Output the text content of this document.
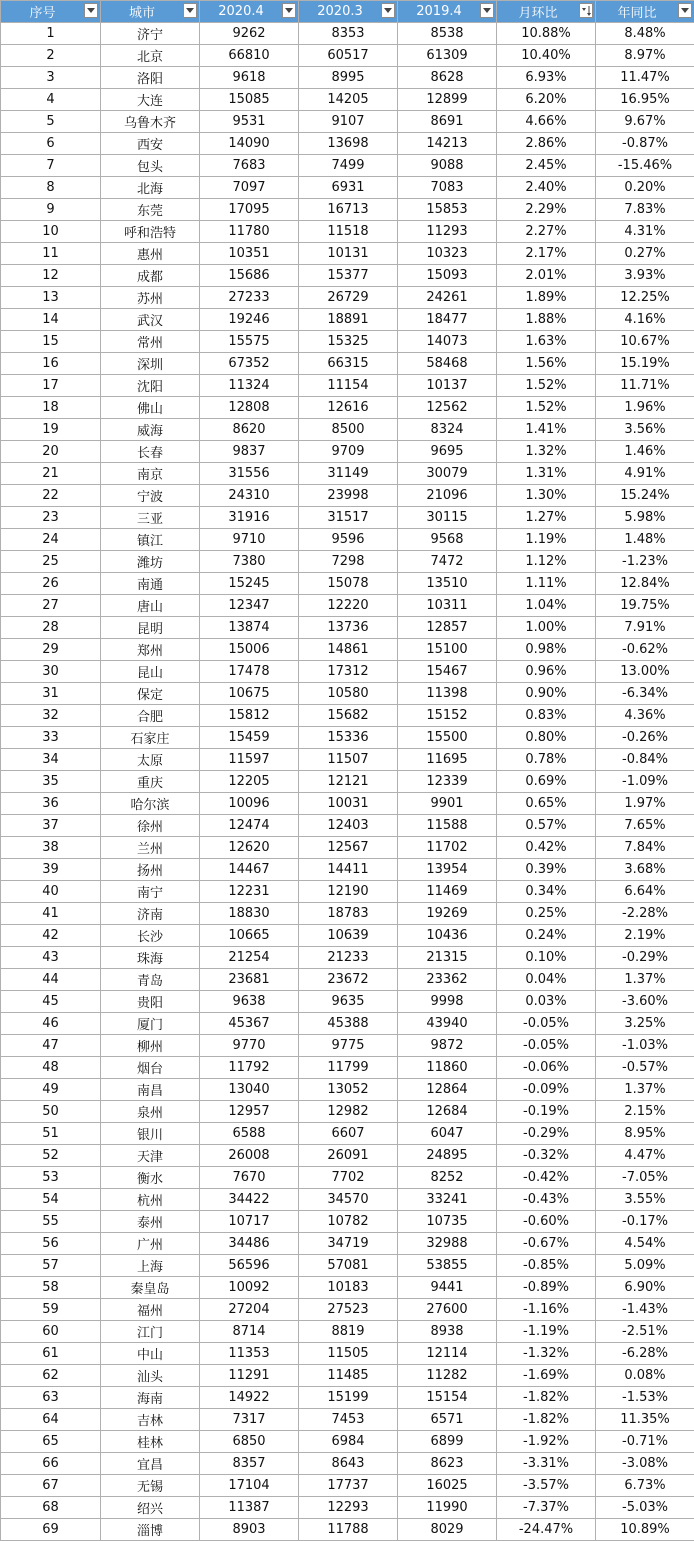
序号	城市	2020.4	2020.3	2019.4	月环比	年同比

1	济宁	9262	8353	8538	10.88%	8.48%
2	北京	66810	60517	61309	10.40%	8.97%
3	洛阳	9618	8995	8628	6.93%	11.47%
4	大连	15085	14205	12899	6.20%	16.95%
5	乌鲁木齐	9531	9107	8691	4.66%	9.67%
6	西安	14090	13698	14213	2.86%	-0.87%
7	包头	7683	7499	9088	2.45%	-15.46%
8	北海	7097	6931	7083	2.40%	0.20%
9	东莞	17095	16713	15853	2.29%	7.83%
10	呼和浩特	11780	11518	11293	2.27%	4.31%
11	惠州	10351	10131	10323	2.17%	0.27%
12	成都	15686	15377	15093	2.01%	3.93%
13	苏州	27233	26729	24261	1.89%	12.25%
14	武汉	19246	18891	18477	1.88%	4.16%
15	常州	15575	15325	14073	1.63%	10.67%
16	深圳	67352	66315	58468	1.56%	15.19%
17	沈阳	11324	11154	10137	1.52%	11.71%
18	佛山	12808	12616	12562	1.52%	1.96%
19	威海	8620	8500	8324	1.41%	3.56%
20	长春	9837	9709	9695	1.32%	1.46%
21	南京	31556	31149	30079	1.31%	4.91%
22	宁波	24310	23998	21096	1.30%	15.24%
23	三亚	31916	31517	30115	1.27%	5.98%
24	镇江	9710	9596	9568	1.19%	1.48%
25	潍坊	7380	7298	7472	1.12%	-1.23%
26	南通	15245	15078	13510	1.11%	12.84%
27	唐山	12347	12220	10311	1.04%	19.75%
28	昆明	13874	13736	12857	1.00%	7.91%
29	郑州	15006	14861	15100	0.98%	-0.62%
30	昆山	17478	17312	15467	0.96%	13.00%
31	保定	10675	10580	11398	0.90%	-6.34%
32	合肥	15812	15682	15152	0.83%	4.36%
33	石家庄	15459	15336	15500	0.80%	-0.26%
34	太原	11597	11507	11695	0.78%	-0.84%
35	重庆	12205	12121	12339	0.69%	-1.09%
36	哈尔滨	10096	10031	9901	0.65%	1.97%
37	徐州	12474	12403	11588	0.57%	7.65%
38	兰州	12620	12567	11702	0.42%	7.84%
39	扬州	14467	14411	13954	0.39%	3.68%
40	南宁	12231	12190	11469	0.34%	6.64%
41	济南	18830	18783	19269	0.25%	-2.28%
42	长沙	10665	10639	10436	0.24%	2.19%
43	珠海	21254	21233	21315	0.10%	-0.29%
44	青岛	23681	23672	23362	0.04%	1.37%
45	贵阳	9638	9635	9998	0.03%	-3.60%
46	厦门	45367	45388	43940	-0.05%	3.25%
47	柳州	9770	9775	9872	-0.05%	-1.03%
48	烟台	11792	11799	11860	-0.06%	-0.57%
49	南昌	13040	13052	12864	-0.09%	1.37%
50	泉州	12957	12982	12684	-0.19%	2.15%
51	银川	6588	6607	6047	-0.29%	8.95%
52	天津	26008	26091	24895	-0.32%	4.47%
53	衡水	7670	7702	8252	-0.42%	-7.05%
54	杭州	34422	34570	33241	-0.43%	3.55%
55	泰州	10717	10782	10735	-0.60%	-0.17%
56	广州	34486	34719	32988	-0.67%	4.54%
57	上海	56596	57081	53855	-0.85%	5.09%
58	秦皇岛	10092	10183	9441	-0.89%	6.90%
59	福州	27204	27523	27600	-1.16%	-1.43%
60	江门	8714	8819	8938	-1.19%	-2.51%
61	中山	11353	11505	12114	-1.32%	-6.28%
62	汕头	11291	11485	11282	-1.69%	0.08%
63	海南	14922	15199	15154	-1.82%	-1.53%
64	吉林	7317	7453	6571	-1.82%	11.35%
65	桂林	6850	6984	6899	-1.92%	-0.71%
66	宜昌	8357	8643	8623	-3.31%	-3.08%
67	无锡	17104	17737	16025	-3.57%	6.73%
68	绍兴	11387	12293	11990	-7.37%	-5.03%
69	淄博	8903	11788	8029	-24.47%	10.89%
